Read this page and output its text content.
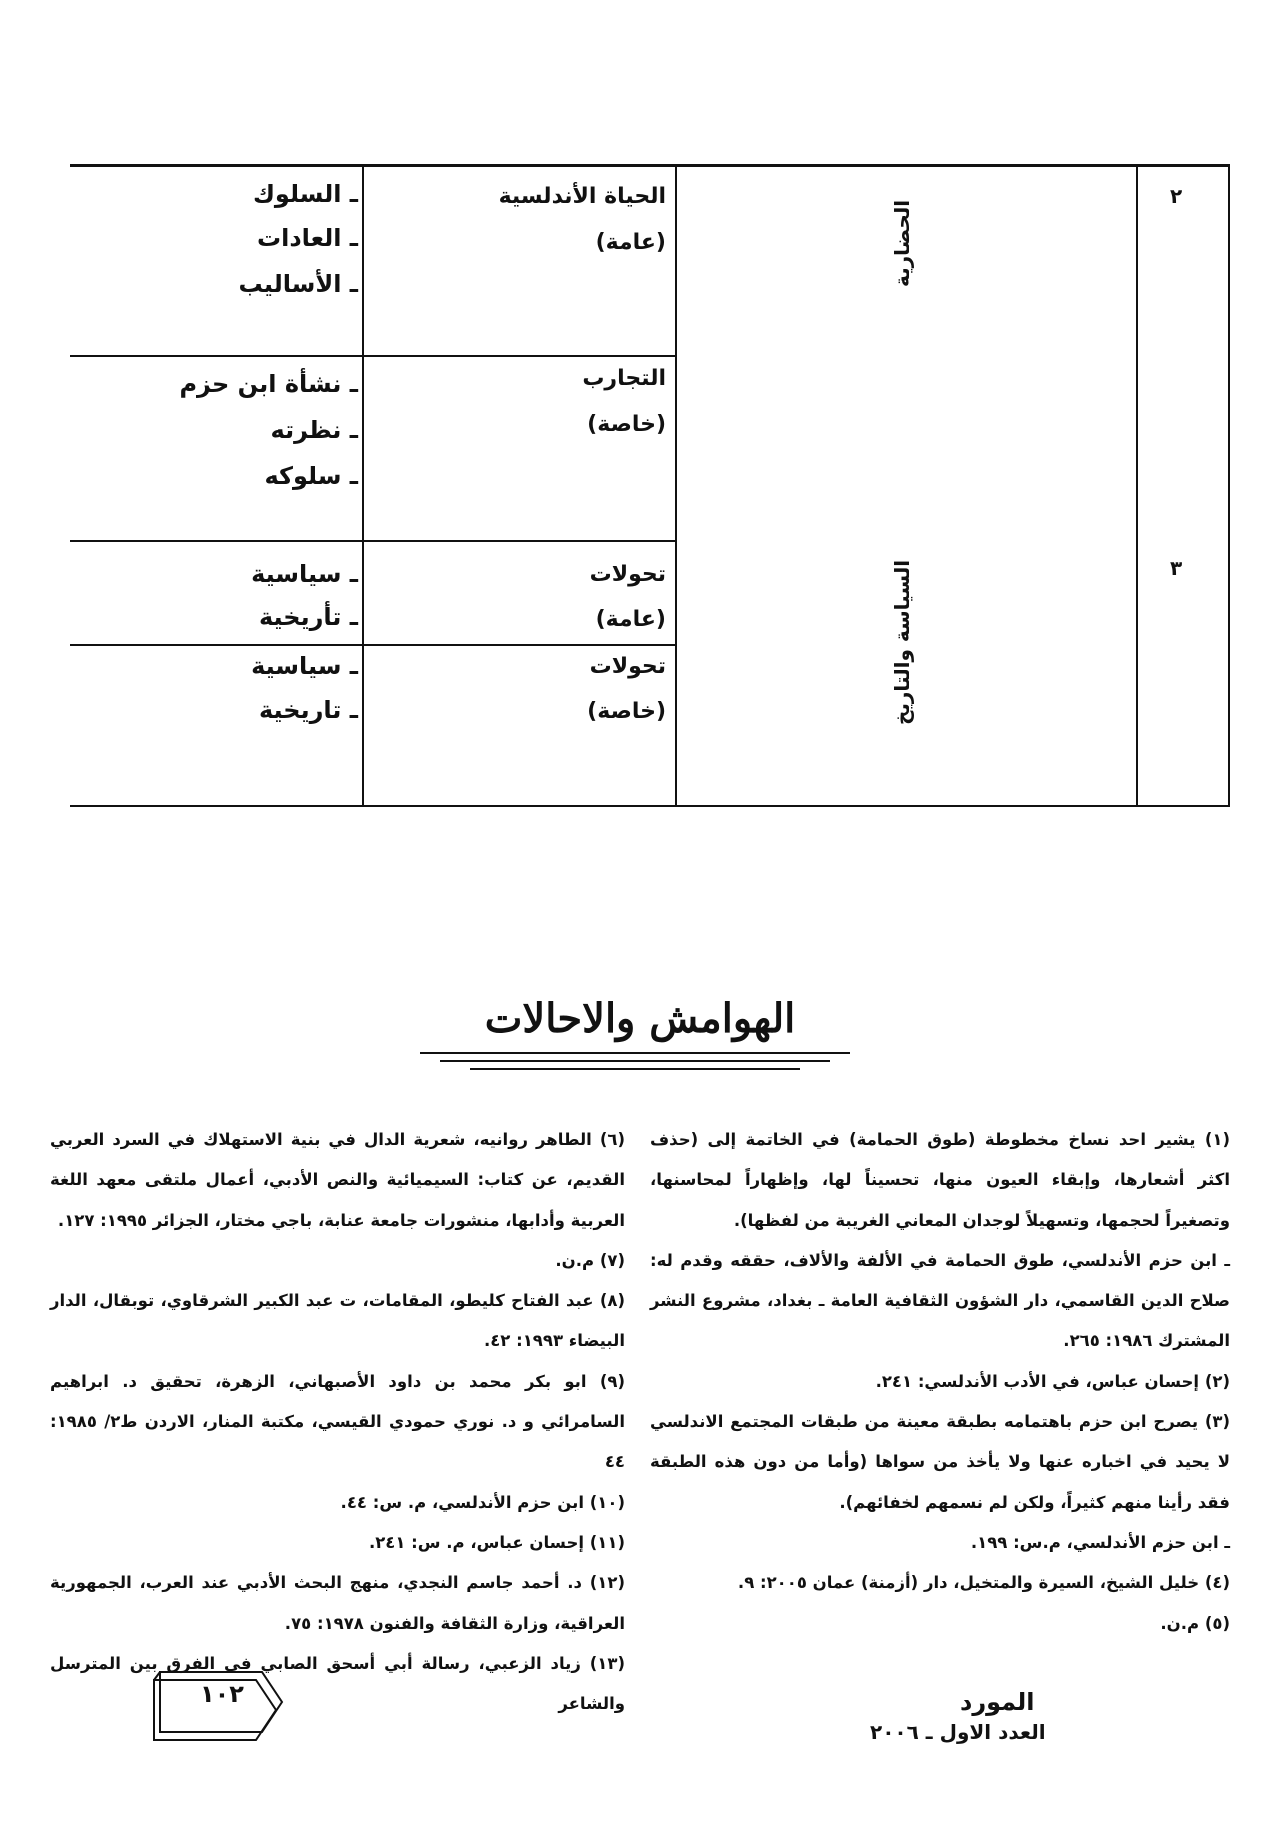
٢
٣
الحضارية
السياسة والتاريخ
الحياة الأندلسية
(عامة)
ـ السلوك
ـ العادات
ـ الأساليب
التجارب
(خاصة)
ـ نشأة ابن حزم
ـ نظرته
ـ سلوكه
تحولات
(عامة)
ـ سياسية
ـ تأريخية
تحولات
(خاصة)
ـ سياسية
ـ تاريخية
الهوامش والاحالات

(١) يشير احد نساخ مخطوطة (طوق الحمامة) في الخاتمة إلى (حذف اكثر أشعارها، وإبقاء العيون منها، تحسيناً لها، وإظهاراً لمحاسنها، وتصغيراً لحجمها، وتسهيلاً لوجدان المعاني الغريبة من لفظها).

ـ ابن حزم الأندلسي، طوق الحمامة في الألفة والألاف، حققه وقدم له: صلاح الدين القاسمي، دار الشؤون الثقافية العامة ـ بغداد، مشروع النشر المشترك ١٩٨٦: ٢٦٥.

(٢) إحسان عباس، في الأدب الأندلسي: ٢٤١.

(٣) يصرح ابن حزم باهتمامه بطبقة معينة من طبقات المجتمع الاندلسي لا يحيد في اخباره عنها ولا يأخذ من سواها (وأما من دون هذه الطبقة فقد رأينا منهم كثيراً، ولكن لم نسمهم لخفائهم).

ـ ابن حزم الأندلسي، م.س: ١٩٩.

(٤) خليل الشيخ، السيرة والمتخيل، دار (أزمنة) عمان ٢٠٠٥: ٩.

(٥) م.ن.

(٦) الطاهر روانيه، شعرية الدال في بنية الاستهلاك في السرد العربي القديم، عن كتاب: السيميائية والنص الأدبي، أعمال ملتقى معهد اللغة العربية وأدابها، منشورات جامعة عنابة، باجي مختار، الجزائر ١٩٩٥: ١٢٧.

(٧) م.ن.

(٨) عبد الفتاح كليطو، المقامات، ت عبد الكبير الشرقاوي، توبقال، الدار البيضاء ١٩٩٣: ٤٢.

(٩) ابو بكر محمد بن داود الأصبهاني، الزهرة، تحقيق د. ابراهيم السامرائي و د. نوري حمودي القيسي، مكتبة المنار، الاردن ط٢/ ١٩٨٥: ٤٤

(١٠) ابن حزم الأندلسي، م. س: ٤٤.

(١١) إحسان عباس، م. س: ٢٤١.

(١٢) د. أحمد جاسم النجدي، منهج البحث الأدبي عند العرب، الجمهورية العراقية، وزارة الثقافة والفنون ١٩٧٨: ٧٥.

(١٣) زياد الزعبي، رسالة أبي أسحق الصابي في الفرق بين المترسل والشاعر

١٠٢	المورد
العدد الاول ـ ٢٠٠٦
